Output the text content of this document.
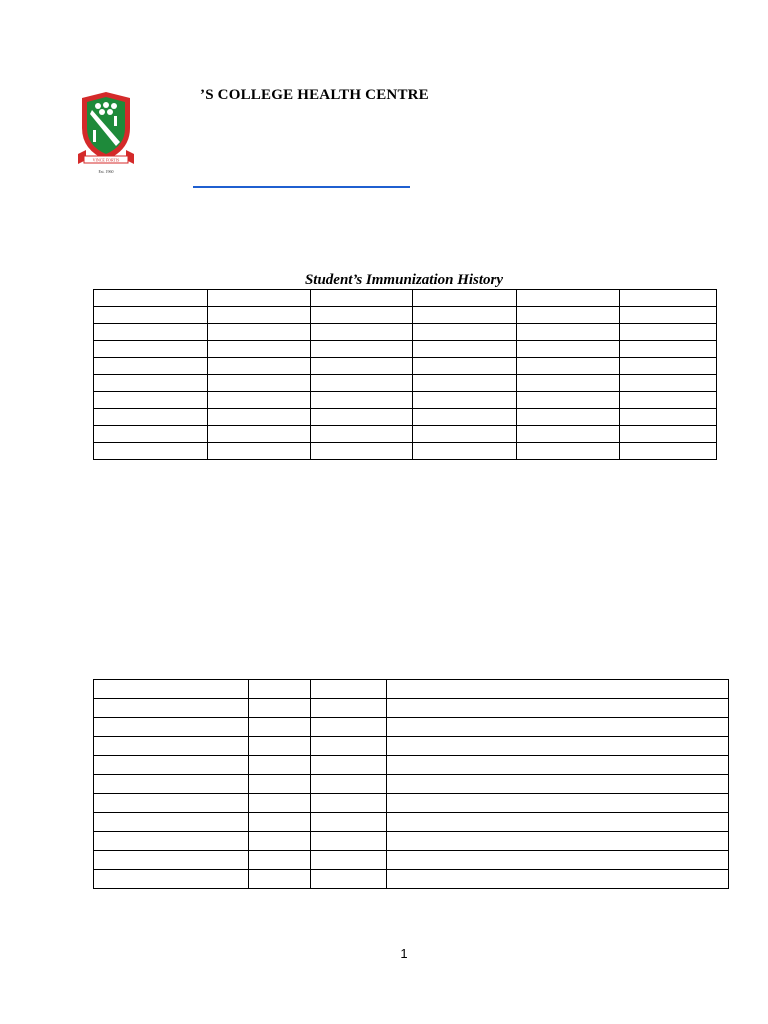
VINCE FORTIS
Est. 1960
’S COLLEGE HEALTH CENTRE
Student’s Immunization History

1
